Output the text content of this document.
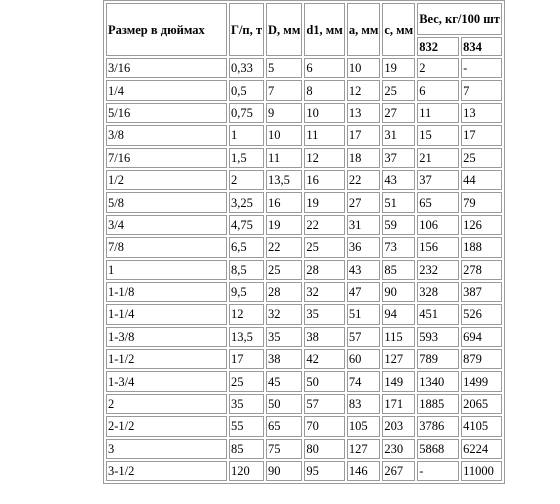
Размер в дюймах	Г/п, т	D, мм	d1, мм	a, мм	c, мм	Вес, кг/100 шт	
						832	834
3/16	0,33	5	6	10	19	2	-
1/4	0,5	7	8	12	25	6	7
5/16	0,75	9	10	13	27	11	13
3/8	1	10	11	17	31	15	17
7/16	1,5	11	12	18	37	21	25
1/2	2	13,5	16	22	43	37	44
5/8	3,25	16	19	27	51	65	79
3/4	4,75	19	22	31	59	106	126
7/8	6,5	22	25	36	73	156	188
1	8,5	25	28	43	85	232	278
1-1/8	9,5	28	32	47	90	328	387
1-1/4	12	32	35	51	94	451	526
1-3/8	13,5	35	38	57	115	593	694
1-1/2	17	38	42	60	127	789	879
1-3/4	25	45	50	74	149	1340	1499
2	35	50	57	83	171	1885	2065
2-1/2	55	65	70	105	203	3786	4105
3	85	75	80	127	230	5868	6224
3-1/2	120	90	95	146	267	-	11000
